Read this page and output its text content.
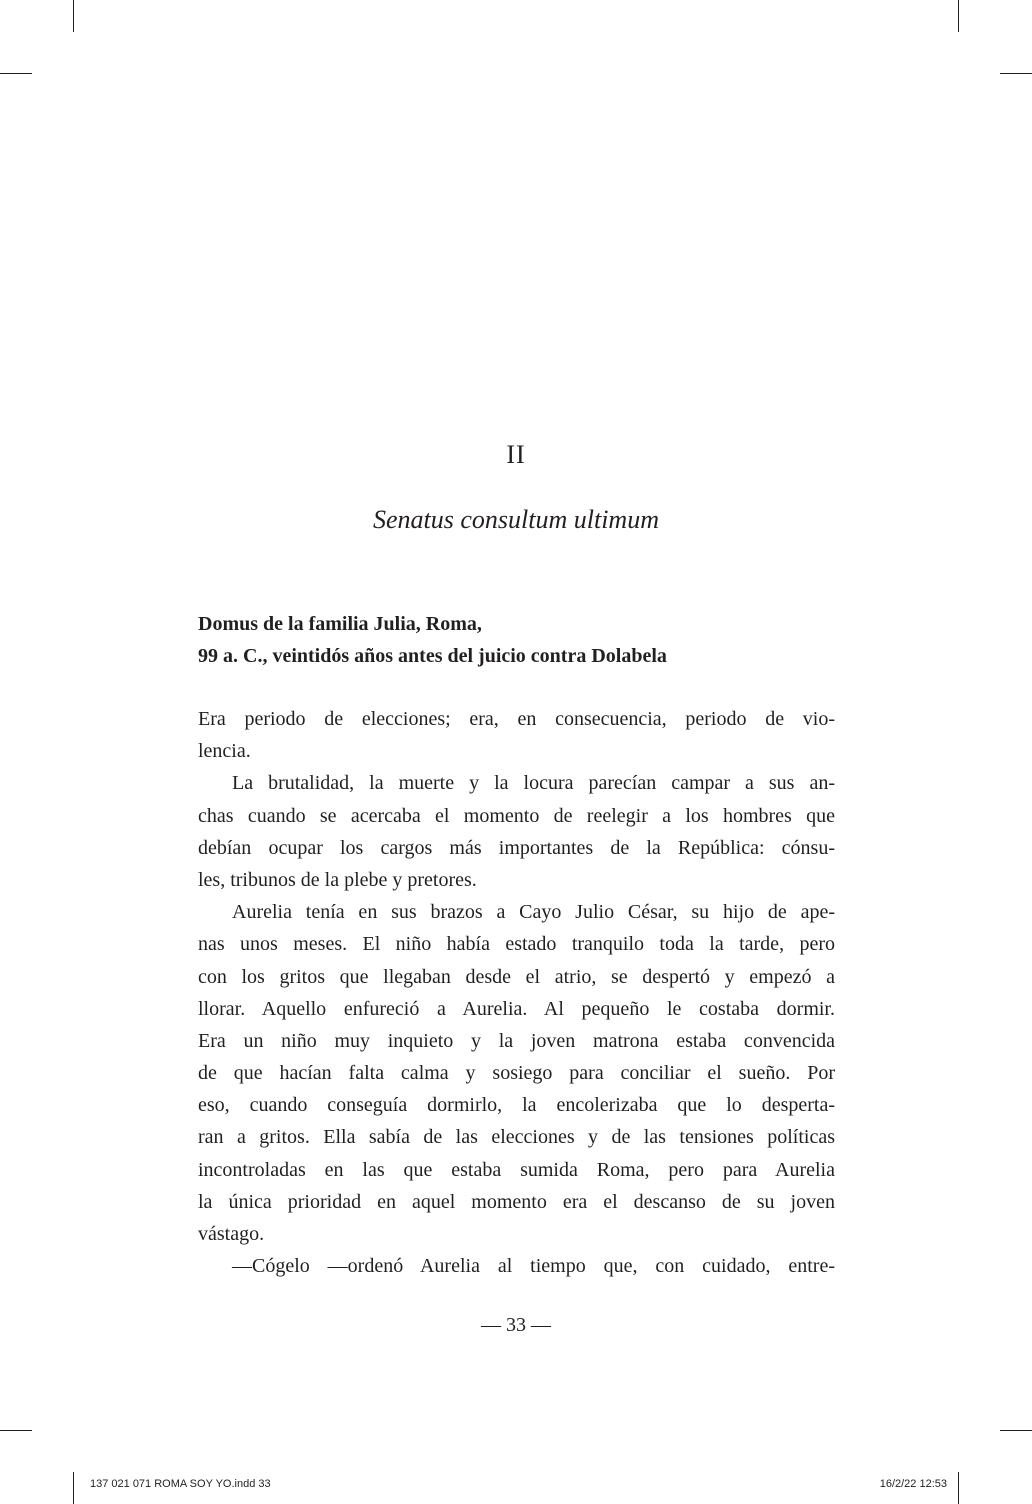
II
Senatus consultum ultimum
Domus de la familia Julia, Roma,
99 a. C., veintidós años antes del juicio contra Dolabela
Era periodo de elecciones; era, en consecuencia, periodo de vio-
lencia.
La brutalidad, la muerte y la locura parecían campar a sus an-
chas cuando se acercaba el momento de reelegir a los hombres que
debían ocupar los cargos más importantes de la República: cónsu-
les, tribunos de la plebe y pretores.
Aurelia tenía en sus brazos a Cayo Julio César, su hijo de ape-
nas unos meses. El niño había estado tranquilo toda la tarde, pero
con los gritos que llegaban desde el atrio, se despertó y empezó a
llorar. Aquello enfureció a Aurelia. Al pequeño le costaba dormir.
Era un niño muy inquieto y la joven matrona estaba convencida
de que hacían falta calma y sosiego para conciliar el sueño. Por
eso, cuando conseguía dormirlo, la encolerizaba que lo desperta-
ran a gritos. Ella sabía de las elecciones y de las tensiones políticas
incontroladas en las que estaba sumida Roma, pero para Aurelia
la única prioridad en aquel momento era el descanso de su joven
vástago.
—Cógelo —ordenó Aurelia al tiempo que, con cuidado, entre-
— 33 —
137 021 071 ROMA SOY YO.indd 33	16/2/22 12:53
